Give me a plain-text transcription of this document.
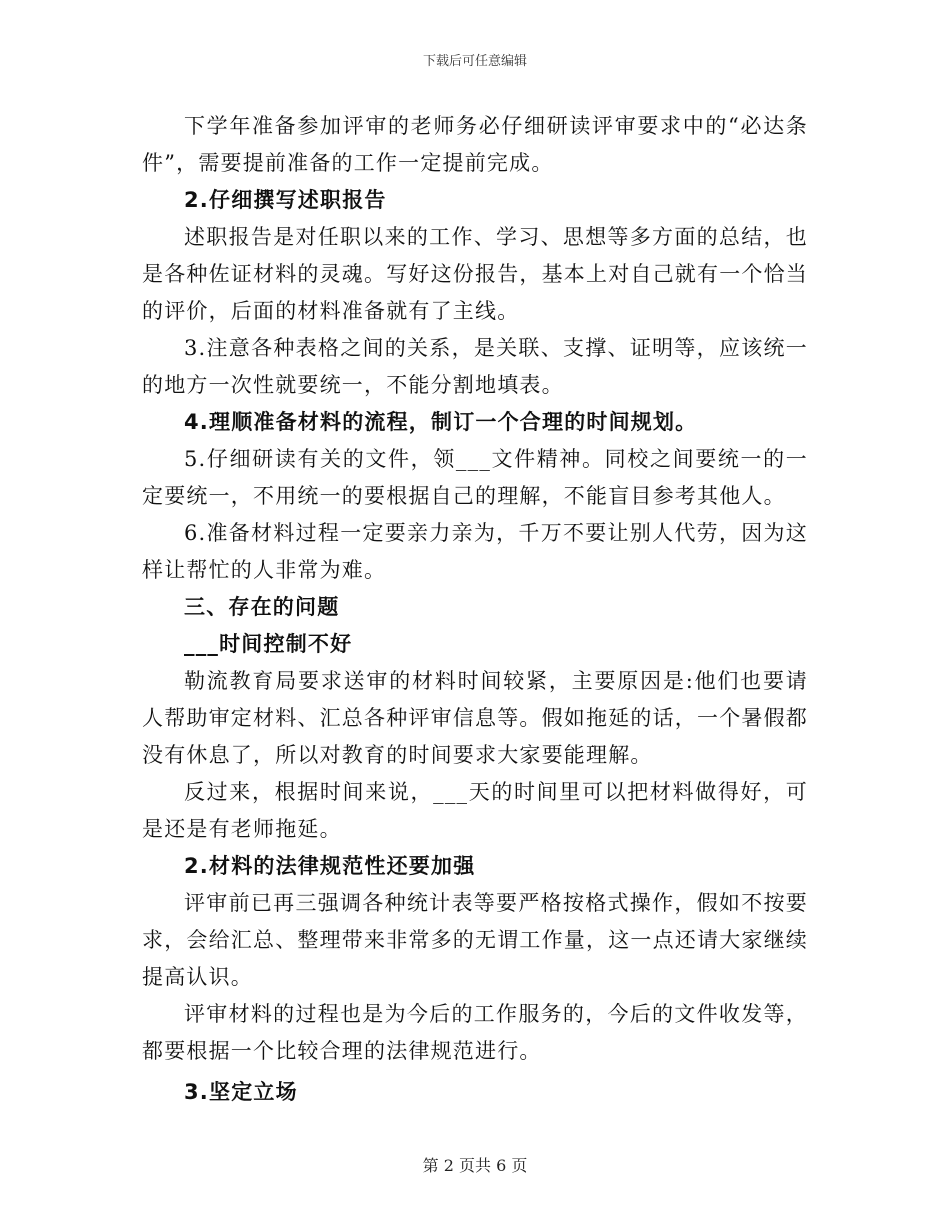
下载后可任意编辑

下学年准备参加评审的老师务必仔细研读评审要求中的“必达条件”，需要提前准备的工作一定提前完成。

2.仔细撰写述职报告

述职报告是对任职以来的工作、学习、思想等多方面的总结，也是各种佐证材料的灵魂。写好这份报告，基本上对自己就有一个恰当的评价，后面的材料准备就有了主线。

3.注意各种表格之间的关系，是关联、支撑、证明等，应该统一的地方一次性就要统一，不能分割地填表。

4.理顺准备材料的流程，制订一个合理的时间规划。

5.仔细研读有关的文件，领___文件精神。同校之间要统一的一定要统一，不用统一的要根据自己的理解，不能盲目参考其他人。

6.准备材料过程一定要亲力亲为，千万不要让别人代劳，因为这样让帮忙的人非常为难。

三、存在的问题

___时间控制不好

勒流教育局要求送审的材料时间较紧，主要原因是:他们也要请人帮助审定材料、汇总各种评审信息等。假如拖延的话，一个暑假都没有休息了，所以对教育的时间要求大家要能理解。

反过来，根据时间来说，___天的时间里可以把材料做得好，可是还是有老师拖延。

2.材料的法律规范性还要加强

评审前已再三强调各种统计表等要严格按格式操作，假如不按要求，会给汇总、整理带来非常多的无谓工作量，这一点还请大家继续提高认识。

评审材料的过程也是为今后的工作服务的，今后的文件收发等，都要根据一个比较合理的法律规范进行。

3.坚定立场

第 2 页共 6 页
